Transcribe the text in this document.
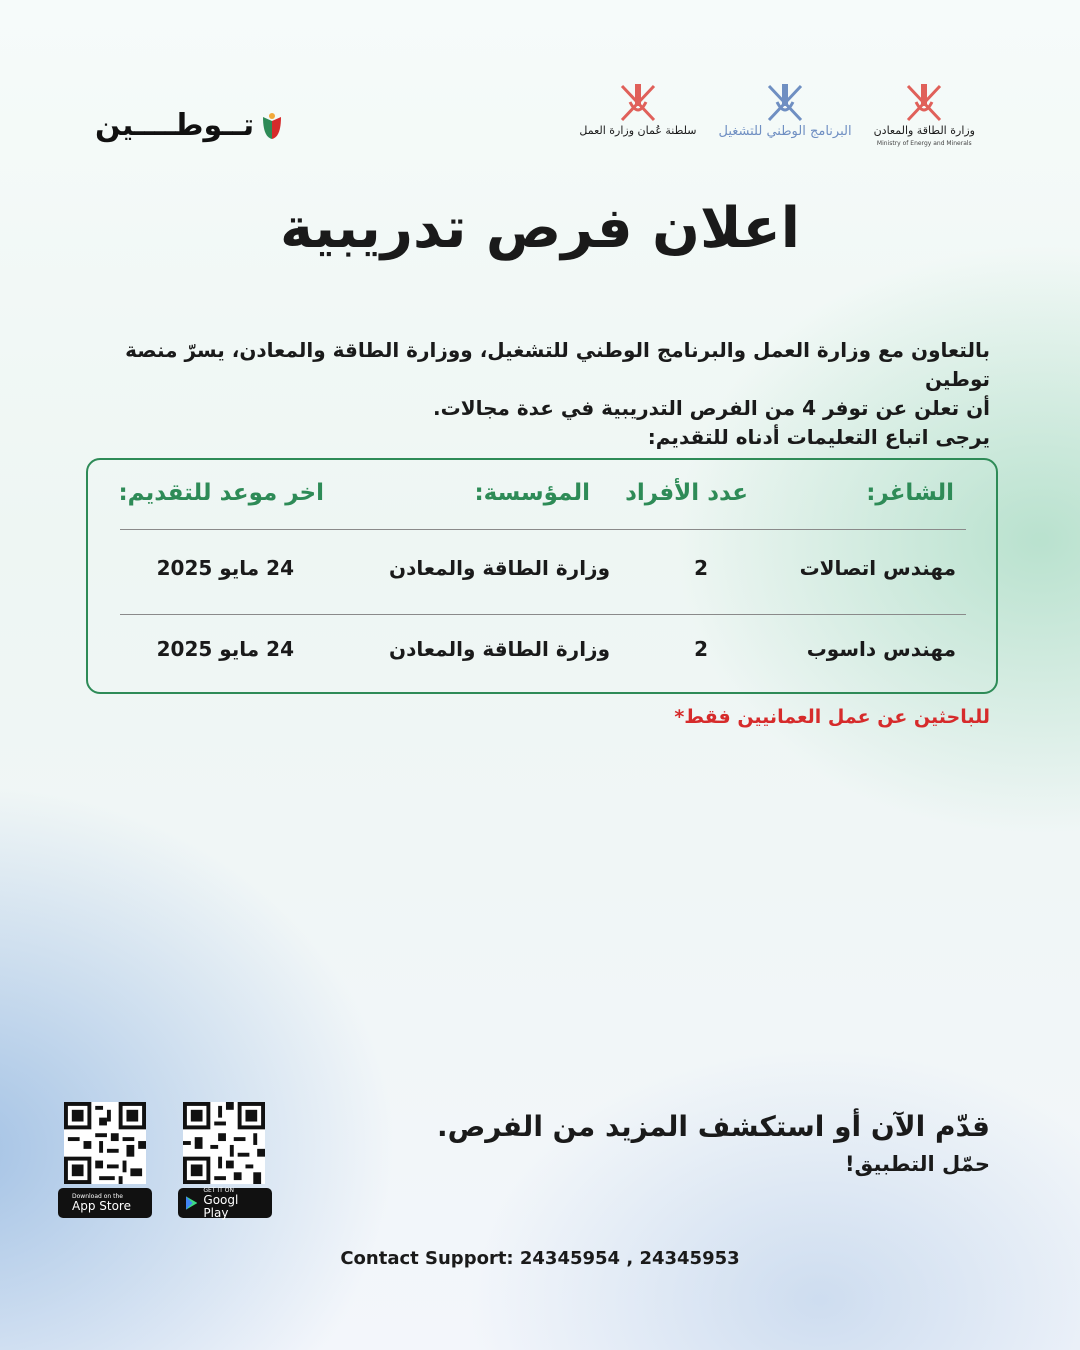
سلطنة عُمان وزارة العمل البرنامج الوطني للتشغيل وزارة الطاقة والمعادن
Ministry of Energy and Minerals
تــوطــــين
اعلان فرص تدريبية

بالتعاون مع وزارة العمل والبرنامج الوطني للتشغيل، ووزارة الطاقة والمعادن، يسرّ منصة توطين

أن تعلن عن توفر 4 من الفرص التدريبية في عدة مجالات.

يرجى اتباع التعليمات أدناه للتقديم:

الشاغر:
عدد الأفراد
المؤسسة:
اخر موعد للتقديم:
مهندس اتصالات
2
وزارة الطاقة والمعادن
24 مايو 2025
مهندس داسوب
2
وزارة الطاقة والمعادن
24 مايو 2025
للباحثين عن عمل العمانيين فقط*
قدّم الآن أو استكشف المزيد من الفرص.
حمّل التطبيق!
Download on the
App Store
GET IT ON
Googl Play
Contact Support: 24345954 , 24345953
